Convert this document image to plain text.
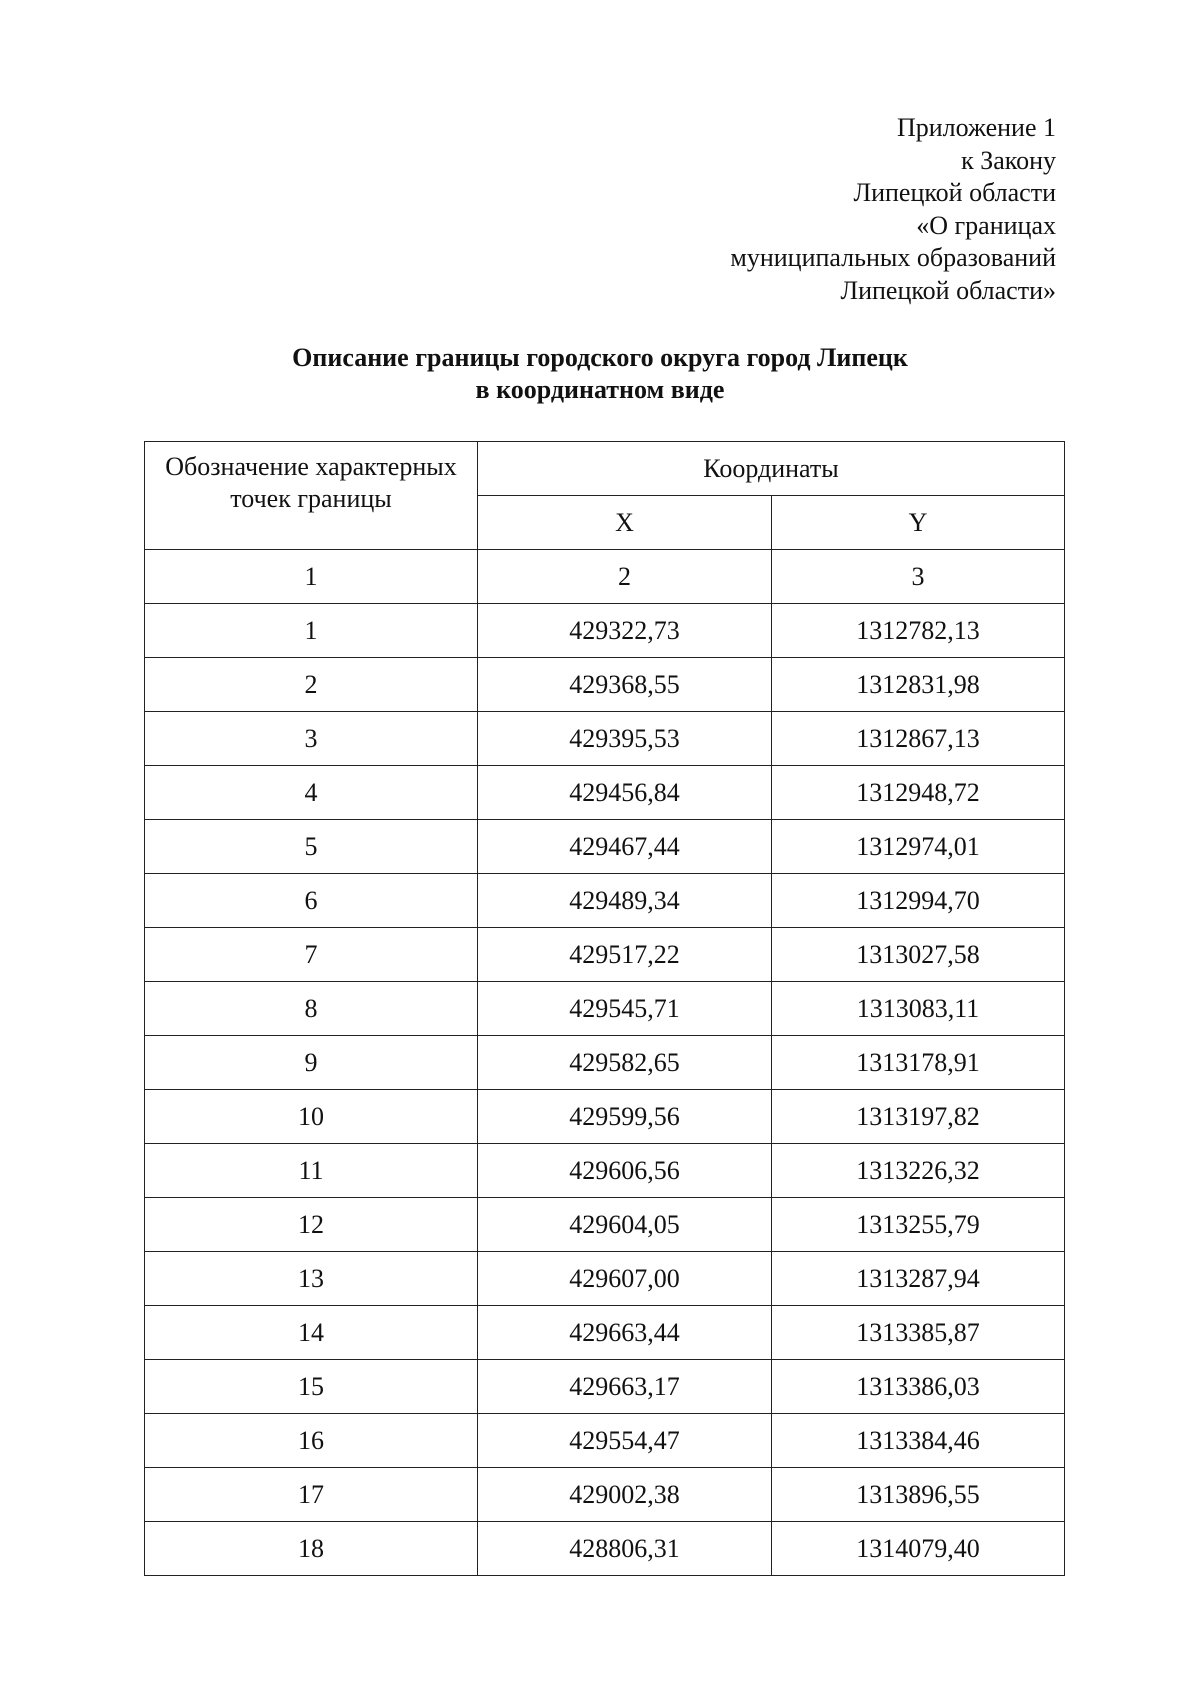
Приложение 1
к Закону
Липецкой области
«О границах
муниципальных образований
Липецкой области»
Описание границы городского округа город Липецк
в координатном виде
Обозначение характерных
точек границы	Координаты	
	X	Y
1	2	3
1	429322,73	1312782,13
2	429368,55	1312831,98
3	429395,53	1312867,13
4	429456,84	1312948,72
5	429467,44	1312974,01
6	429489,34	1312994,70
7	429517,22	1313027,58
8	429545,71	1313083,11
9	429582,65	1313178,91
10	429599,56	1313197,82
11	429606,56	1313226,32
12	429604,05	1313255,79
13	429607,00	1313287,94
14	429663,44	1313385,87
15	429663,17	1313386,03
16	429554,47	1313384,46
17	429002,38	1313896,55
18	428806,31	1314079,40
